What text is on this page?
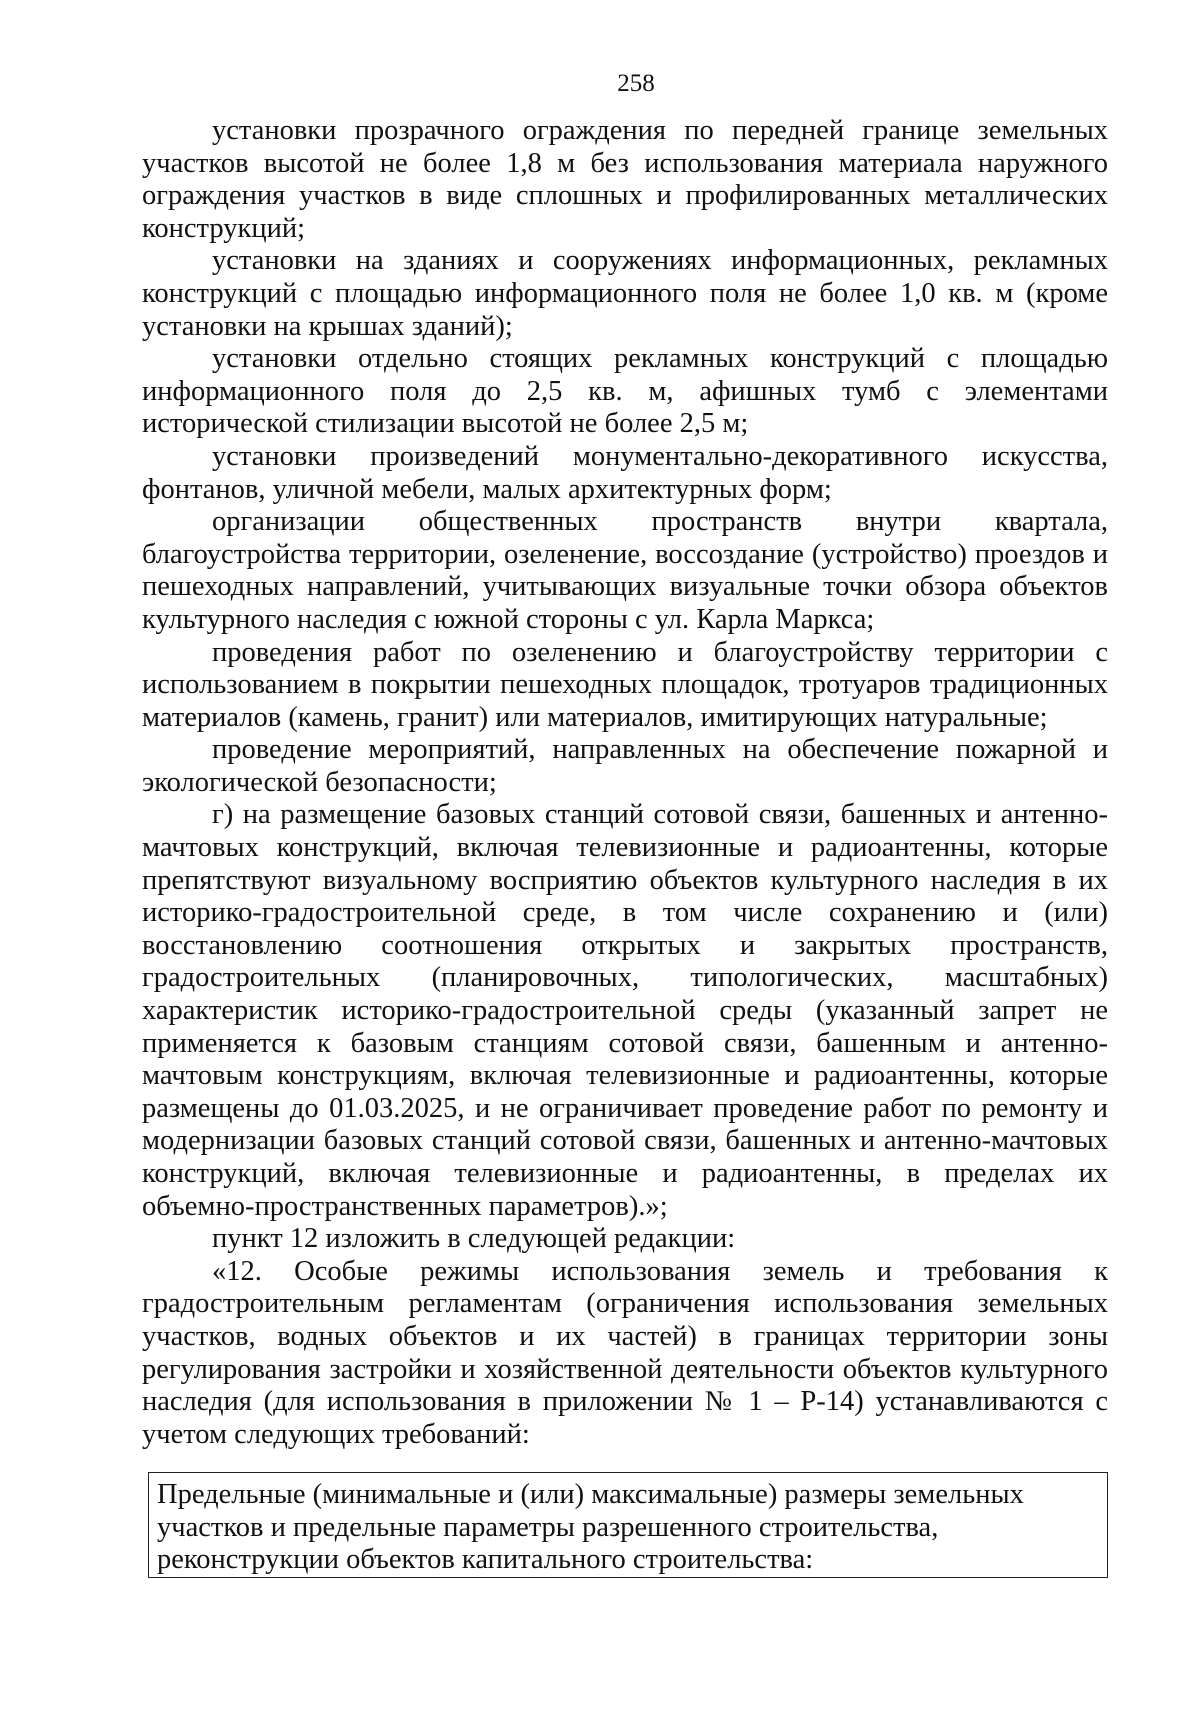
258

установки прозрачного ограждения по передней границе земельных участков высотой не более 1,8 м без использования материала наружного ограждения участков в виде сплошных и профилированных металлических конструкций;

установки на зданиях и сооружениях информационных, рекламных конструкций с площадью информационного поля не более 1,0 кв. м (кроме установки на крышах зданий);

установки отдельно стоящих рекламных конструкций с площадью информационного поля до 2,5 кв. м, афишных тумб с элементами исторической стилизации высотой не более 2,5 м;

установки произведений монументально-декоративного искусства, фонтанов, уличной мебели, малых архитектурных форм;

организации общественных пространств внутри квартала, благоустройства территории, озеленение, воссоздание (устройство) проездов и пешеходных направлений, учитывающих визуальные точки обзора объектов культурного наследия с южной стороны с ул. Карла Маркса;

проведения работ по озеленению и благоустройству территории с использованием в покрытии пешеходных площадок, тротуаров традиционных материалов (камень, гранит) или материалов, имитирующих натуральные;

проведение мероприятий, направленных на обеспечение пожарной и экологической безопасности;

г) на размещение базовых станций сотовой связи, башенных и антенно-мачтовых конструкций, включая телевизионные и радиоантенны, которые препятствуют визуальному восприятию объектов культурного наследия в их историко-градостроительной среде, в том числе сохранению и (или) восстановлению соотношения открытых и закрытых пространств, градостроительных (планировочных, типологических, масштабных) характеристик историко-градостроительной среды (указанный запрет не применяется к базовым станциям сотовой связи, башенным и антенно-мачтовым конструкциям, включая телевизионные и радиоантенны, которые размещены до 01.03.2025, и не ограничивает проведение работ по ремонту и модернизации базовых станций сотовой связи, башенных и антенно-мачтовых конструкций, включая телевизионные и радиоантенны, в пределах их объемно-пространственных параметров).»;

пункт 12 изложить в следующей редакции:

«12. Особые режимы использования земель и требования к градостроительным регламентам (ограничения использования земельных участков, водных объектов и их частей) в границах территории зоны регулирования застройки и хозяйственной деятельности объектов культурного наследия (для использования в приложении № 1 – Р-14) устанавливаются с учетом следующих требований:

Предельные (минимальные и (или) максимальные) размеры земельных участков и предельные параметры разрешенного строительства, реконструкции объектов капитального строительства:
